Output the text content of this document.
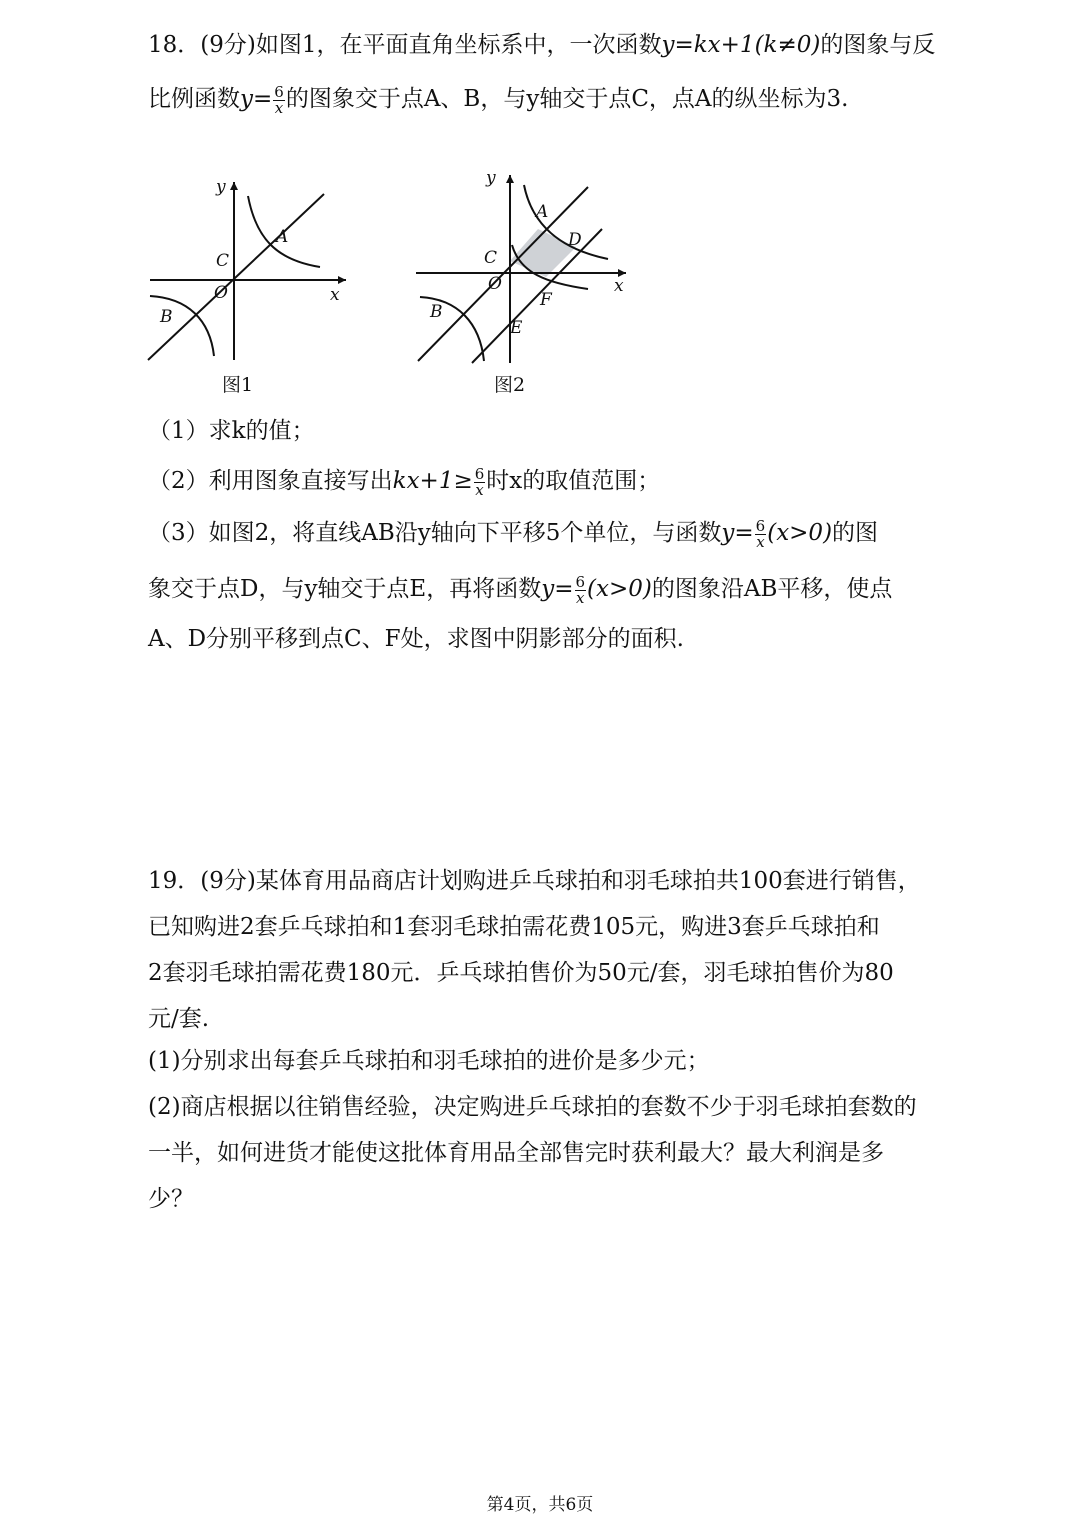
18．(9分)如图1，在平面直角坐标系中，一次函数y=kx+1(k≠0)的图象与反
比例函数$y= \frac{6}{x}$ 的图象交于点A、B，与y轴交于点C，点A的纵坐标为3.
y
x
O
C
A
B
图1
y
x
O
C
A
D
F
E
B
图2
（1）求k的值；
（2）利用图象直接写出$kx+1\ge \frac{6}{x}$ 时x的取值范围；
（3）如图2，将直线AB沿y轴向下平移5个单位，与函数$y= \frac{6}{x} (x>0)$的图
象交于点D，与y轴交于点E，再将函数$y= \frac{6}{x} (x>0)$的图象沿AB平移，使点
A、D分别平移到点C、F处，求图中阴影部分的面积.
19．(9分)某体育用品商店计划购进乒乓球拍和羽毛球拍共100套进行销售，
已知购进2套乒乓球拍和1套羽毛球拍需花费105元，购进3套乒乓球拍和
2套羽毛球拍需花费180元．乒乓球拍售价为50元/套，羽毛球拍售价为80
元/套.
(1)分别求出每套乒乓球拍和羽毛球拍的进价是多少元；
(2)商店根据以往销售经验，决定购进乒乓球拍的套数不少于羽毛球拍套数的
一半，如何进货才能使这批体育用品全部售完时获利最大？最大利润是多
少？
第4页，共6页
